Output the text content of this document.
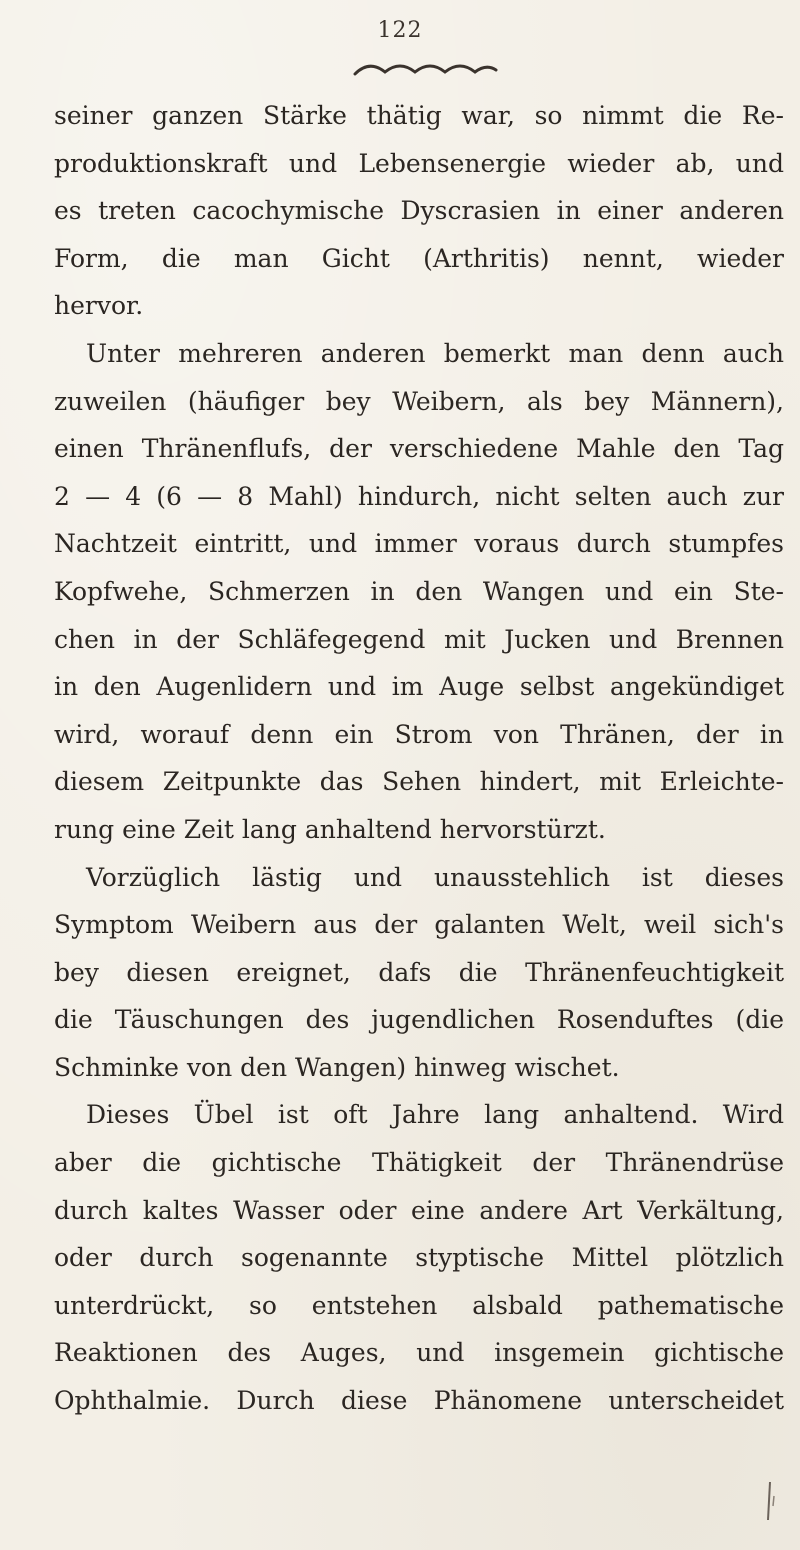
122
seiner ganzen Stärke thätig war, so nimmt die Re-
produktionskraft und Lebensenergie wieder ab, und
es treten cacochymische Dyscrasien in einer anderen
Form, die man Gicht (Arthritis) nennt, wieder
hervor.
Unter mehreren anderen bemerkt man denn auch
zuweilen (häufiger bey Weibern, als bey Männern),
einen Thränenflufs, der verschiedene Mahle den Tag
2 — 4 (6 — 8 Mahl) hindurch, nicht selten auch zur
Nachtzeit eintritt, und immer voraus durch stumpfes
Kopfwehe, Schmerzen in den Wangen und ein Ste-
chen in der Schläfegegend mit Jucken und Brennen
in den Augenlidern und im Auge selbst angekündiget
wird, worauf denn ein Strom von Thränen, der in
diesem Zeitpunkte das Sehen hindert, mit Erleichte-
rung eine Zeit lang anhaltend hervorstürzt.
Vorzüglich lästig und unausstehlich ist dieses
Symptom Weibern aus der galanten Welt, weil sich's
bey diesen ereignet, dafs die Thränenfeuchtigkeit
die Täuschungen des jugendlichen Rosenduftes (die
Schminke von den Wangen) hinweg wischet.
Dieses Übel ist oft Jahre lang anhaltend. Wird
aber die gichtische Thätigkeit der Thränendrüse
durch kaltes Wasser oder eine andere Art Verkältung,
oder durch sogenannte styptische Mittel plötzlich
unterdrückt, so entstehen alsbald pathematische
Reaktionen des Auges, und insgemein gichtische
Ophthalmie. Durch diese Phänomene unterscheidet
